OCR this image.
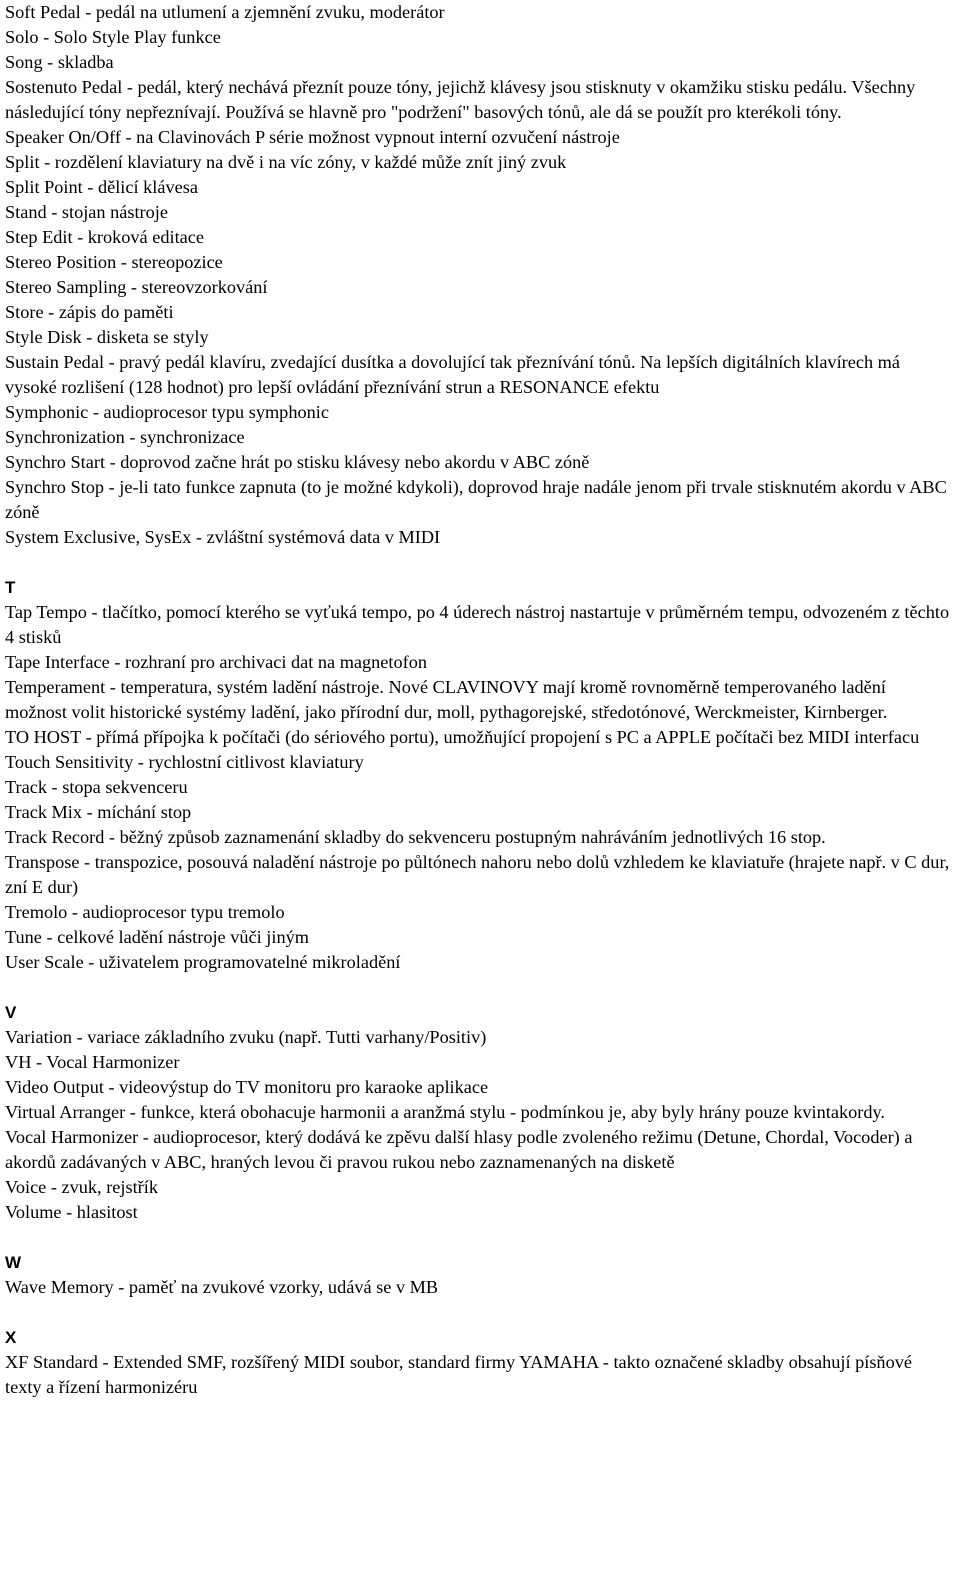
Soft Pedal - pedál na utlumení a zjemnění zvuku, moderátor
Solo - Solo Style Play funkce
Song - skladba
Sostenuto Pedal - pedál, který nechává přeznít pouze tóny, jejichž klávesy jsou stisknuty v okamžiku stisku pedálu. Všechny následující tóny nepřeznívají. Používá se hlavně pro "podržení" basových tónů, ale dá se použít pro kterékoli tóny.
Speaker On/Off - na Clavinovách P série možnost vypnout interní ozvučení nástroje
Split - rozdělení klaviatury na dvě i na víc zóny, v každé může znít jiný zvuk
Split Point - dělicí klávesa
Stand - stojan nástroje
Step Edit - kroková editace
Stereo Position - stereopozice
Stereo Sampling - stereovzorkování
Store - zápis do paměti
Style Disk - disketa se styly
Sustain Pedal - pravý pedál klavíru, zvedající dusítka a dovolující tak přeznívání tónů. Na lepších digitálních klavírech má vysoké rozlišení (128 hodnot) pro lepší ovládání přeznívání strun a RESONANCE efektu
Symphonic - audioprocesor typu symphonic
Synchronization - synchronizace
Synchro Start - doprovod začne hrát po stisku klávesy nebo akordu v ABC zóně
Synchro Stop - je-li tato funkce zapnuta (to je možné kdykoli), doprovod hraje nadále jenom při trvale stisknutém akordu v ABC zóně
System Exclusive, SysEx - zvláštní systémová data v MIDI
T
Tap Tempo - tlačítko, pomocí kterého se vyťuká tempo, po 4 úderech nástroj nastartuje v průměrném tempu, odvozeném z těchto 4 stisků
Tape Interface - rozhraní pro archivaci dat na magnetofon
Temperament - temperatura, systém ladění nástroje. Nové CLAVINOVY mají kromě rovnoměrně temperovaného ladění možnost volit historické systémy ladění, jako přírodní dur, moll, pythagorejské, středotónové, Werckmeister, Kirnberger.
TO HOST - přímá přípojka k počítači (do sériového portu), umožňující propojení s PC a APPLE počítači bez MIDI interfacu
Touch Sensitivity - rychlostní citlivost klaviatury
Track - stopa sekvenceru
Track Mix - míchání stop
Track Record - běžný způsob zaznamenání skladby do sekvenceru postupným nahráváním jednotlivých 16 stop.
Transpose - transpozice, posouvá naladění nástroje po půltónech nahoru nebo dolů vzhledem ke klaviatuře (hrajete např. v C dur, zní E dur)
Tremolo - audioprocesor typu tremolo
Tune - celkové ladění nástroje vůči jiným
User Scale - uživatelem programovatelné mikroladění
V
Variation - variace základního zvuku (např. Tutti varhany/Positiv)
VH - Vocal Harmonizer
Video Output - videovýstup do TV monitoru pro karaoke aplikace
Virtual Arranger - funkce, která obohacuje harmonii a aranžmá stylu - podmínkou je, aby byly hrány pouze kvintakordy.
Vocal Harmonizer - audioprocesor, který dodává ke zpěvu další hlasy podle zvoleného režimu (Detune, Chordal, Vocoder) a akordů zadávaných v ABC, hraných levou či pravou rukou nebo zaznamenaných na disketě
Voice - zvuk, rejstřík
Volume - hlasitost
W
Wave Memory - paměť na zvukové vzorky, udává se v MB
X
XF Standard - Extended SMF, rozšířený MIDI soubor, standard firmy YAMAHA - takto označené skladby obsahují písňové texty a řízení harmonizéru
